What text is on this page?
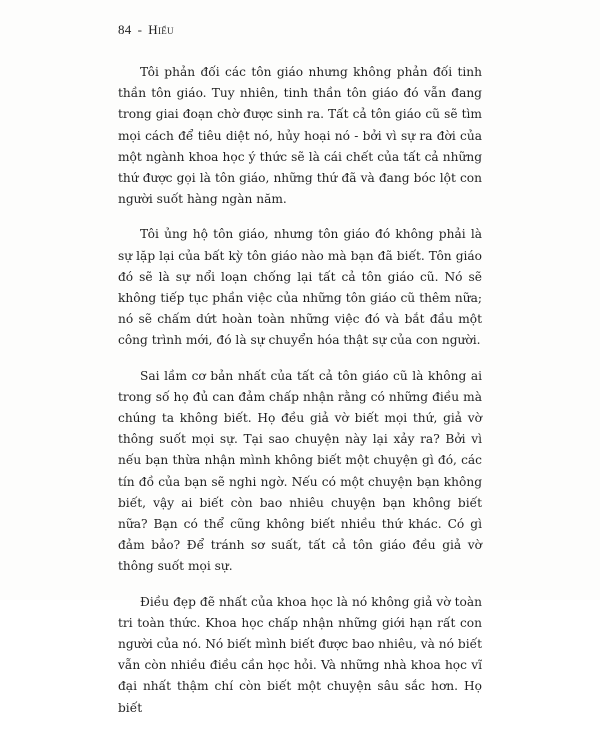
84 - Hiểu

Tôi phản đối các tôn giáo nhưng không phản đối tinh thần tôn giáo. Tuy nhiên, tinh thần tôn giáo đó vẫn đang trong giai đoạn chờ được sinh ra. Tất cả tôn giáo cũ sẽ tìm mọi cách để tiêu diệt nó, hủy hoại nó - bởi vì sự ra đời của một ngành khoa học ý thức sẽ là cái chết của tất cả những thứ được gọi là tôn giáo, những thứ đã và đang bóc lột con người suốt hàng ngàn năm.

Tôi ủng hộ tôn giáo, nhưng tôn giáo đó không phải là sự lặp lại của bất kỳ tôn giáo nào mà bạn đã biết. Tôn giáo đó sẽ là sự nổi loạn chống lại tất cả tôn giáo cũ. Nó sẽ không tiếp tục phần việc của những tôn giáo cũ thêm nữa; nó sẽ chấm dứt hoàn toàn những việc đó và bắt đầu một công trình mới, đó là sự chuyển hóa thật sự của con người.

Sai lầm cơ bản nhất của tất cả tôn giáo cũ là không ai trong số họ đủ can đảm chấp nhận rằng có những điều mà chúng ta không biết. Họ đều giả vờ biết mọi thứ, giả vờ thông suốt mọi sự. Tại sao chuyện này lại xảy ra? Bởi vì nếu bạn thừa nhận mình không biết một chuyện gì đó, các tín đồ của bạn sẽ nghi ngờ. Nếu có một chuyện bạn không biết, vậy ai biết còn bao nhiêu chuyện bạn không biết nữa? Bạn có thể cũng không biết nhiều thứ khác. Có gì đảm bảo? Để tránh sơ suất, tất cả tôn giáo đều giả vờ thông suốt mọi sự.

Điều đẹp đẽ nhất của khoa học là nó không giả vờ toàn tri toàn thức. Khoa học chấp nhận những giới hạn rất con người của nó. Nó biết mình biết được bao nhiêu, và nó biết vẫn còn nhiều điều cần học hỏi. Và những nhà khoa học vĩ đại nhất thậm chí còn biết một chuyện sâu sắc hơn. Họ biết
